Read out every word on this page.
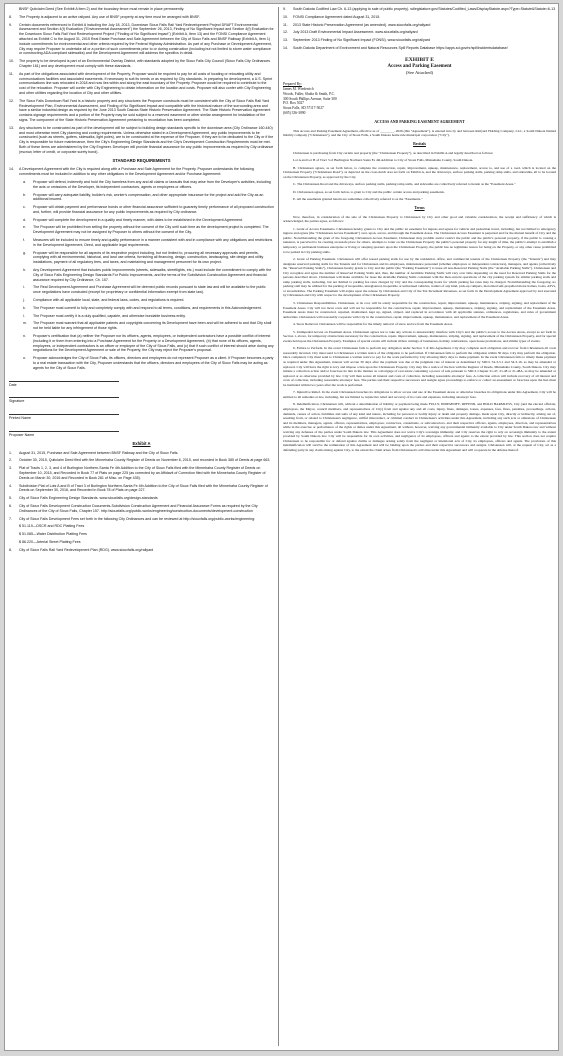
BNSF Quitclaim Deed (See Exhibit A Item 2) and the boundary fence must remain in place permanently.
8. The Property is adjacent to an active railyard. Any use of BNSF property at any time must be arranged with BNSF.
9. Certain documents referenced in Exhibit A including the July 18, 2013, Downtown Sioux Falls Rail Yard Redevelopment Project DRAFT Environmental Assessment and Section 4(f) Evaluation ("Environmental Assessment") the September 26, 2013, Finding of No Significant Impact and Section 4(f) Evaluation for the Downtown Sioux Falls Rail Yard Redevelopment Project ("Finding of No Significant Impact") (Exhibit A, Item 13) and the FONSI Compliance Agreement attached as Exhibit C to the August 31, 2015 Real Estate Purchase and Sale Agreement between the City of Sioux Falls and BNSF Railway (Exhibit A, Item 1) include commitments for environmental and other criteria required by the Federal Highway Administration. As part of any Purchase or Development Agreement, City may require Proposer to undertake all or a portion of such commitments prior to or during construction (including but not limited to storm water compliance or constructing ADA compliant sidewalks) and the Development Agreement will address the specifics in detail.
10. The property to be developed is part of an Environmental Overlay District, with standards adopted by the Sioux Falls City Council (Sioux Falls City Ordinances Chapter 161) and any development must comply with these standards.
11. As part of the obligations associated with development of the Property, Proposer would be required to pay for all costs of locating or relocating utility and communications facilities and associated easements. If necessary to suit its needs or as required by City standards. In preparing for development, a U.S. Sprint communications line was relocated in 2018 and now lies within and along the east boundary of the Property. Proposer would be required to contribute to the cost of the relocation. Proposer will confer with City Engineering to obtain information on the location and costs. Proposer will also confer with City Engineering and other utilities regarding the location of City and other utilities.
12. The Sioux Falls Downtown Rail Yard is a historic property and any structures the Proposer constructs must be consistent with the City of Sioux Falls Rail Yard Redevelopment Plan, Environmental Assessment, and Finding of No Significant Impact and compatible with the historical nature of the surrounding area and have a similar industrial design as required by the June 2013 South Dakota State Historic Preservation Agreement. The State Historic Preservation Agreement contains signage requirements and a portion of the Property may be sold subject to a reserved easement or other similar arrangement for installation of the signs. The component of the State Historic Preservation Agreement pertaining to recordation has been completed.
13. Any structures to be constructed as part of the development will be subject to building design standards specific to the downtown area (City Ordinance 160.440) and must otherwise meet City planning and zoning requirements. Unless otherwise stated in a Development Agreement, any public improvements to be constructed (such as streets, gutters, sidewalks, light poles), are to be constructed at the expense of the Proposer. If they are to be dedicated to the City or if the City is responsible for future maintenance, then the City's Engineering Design Standards and the City's Development Construction Requirements must be met. Both of these items are administered by the City Engineer. Developer will provide financial assurance for any public improvements as required by City ordinance (escrow, letter of credit, or corporate surety bond).
STANDARD REQUIREMENTS
14. A Development Agreement with the City is required along with a Purchase and Sale Agreement for the Property. Proposer understands the following commitments must be included in addition to any other obligations in the Development Agreement and/or Purchase Agreement:
a. Proposer will defend, indemnify and hold the City harmless from any and all claims or lawsuits that may arise from the Developer's activities, including the acts or omissions of the Developer, its independent contractors, agents or employees or officers.
b. Proposer will carry adequate liability, builder's risk, worker's compensation, and other appropriate insurance for the project and add the City as an additional insured.
c. Proposer will obtain payment and performance bonds or other financial assurance sufficient to guaranty timely performance of all proposed construction and, further, will provide financial assurance for any public improvements as required by City ordinance.
d. Proposer will complete the development in a quality and timely manner, with dates to be established in the Development Agreement.
e. The Proposer will be prohibited from selling the property without the consent of the City until such time as the development project is completed. The Development Agreement may not be assigned by Proposer to others without the consent of the City.
f. Measures will be included to ensure timely and quality performance in a manner consistent with and in compliance with any obligations and restrictions in the Development Agreement, Deed, and applicable legal requirements.
g. Proposer will be responsible for all aspects of its respective project including, but not limited to, procuring all necessary approvals and permits, complying with all environmental, historical, and land use criteria, furnishing all financing, design, construction, landscaping, site design and utility installations, payment of all regulatory fees, and taxes, and maintaining and management personnel for its own project.
h. Any Development Agreement that includes public improvements (streets, sidewalks, streetlights, etc.) must include the commitment to comply with the City of Sioux Falls Engineering Design Standards For Public Improvements, and the terms of the Subdivision Construction Agreement and financial assurance required by City Ordinance, Ch. 157.
i. The Real Development Agreement and Purchase Agreement will be deemed public records pursuant to state law and will be available to the public once negotiations have concluded (except for proprietary or confidential information exempt from state law).
j. Compliance with all applicable local, state, and federal laws, codes, and regulations is required.
k. The Proposer must commit to fully and completely comply with and respond to all terms, conditions, and requirements in this Acknowledgement.
l. The Proposer must certify it is a duly qualified, capable, and otherwise bondable business entity.
m. The Proposer must warrant that all applicable patents and copyrights concerning its Development have been and will be adhered to and that City shall not be held liable for any infringement of those rights.
n. Proposer's certification that (a) neither the Proposer nor its officers, agents, employees, or independent contractors have a possible conflict of interest (including it or them from entering into a Purchase Agreement for the Property or a Development Agreement, (b) that none of its officers, agents, employees, or independent contractors is an officer or employee of the City of Sioux Falls, and (c) that if such conflict of interest should arise during any negotiations for the Development Agreement or sale of the Property, the City may reject the Proposer's proposal.
o. Proposer acknowledges the City of Sioux Falls, its officers, directors and employees do not represent Proposer as a client. If Proposer becomes a party to a real estate transaction with the City, Proposer understands that the officers, directors and employees of the City of Sioux Falls may be acting as agents for the City of Sioux Falls.
Date
Signature
Printed Name
Proposer Name
Exhibit A
1. August 31, 2015, Purchase and Sale Agreement between BNSF Railway and the City of Sioux Falls.
2. October 30, 2015, Quitclaim Deed filed with the Minnehaha County Register of Deeds on November 6, 2015, and recorded in Book 385 of Deeds at page 663.
3. Plat of Tracts 1, 2, 3, and 4 of Burlington Northern-Santa Fe 4th Addition to the City of Sioux Falls filed with the Minnehaha County Register of Deeds on September 10, 2015, and Recorded in Book 77 of Plats on page 225 (as corrected by an Affidavit of Correction filed with the Minnehaha County Register of Deeds on March 30, 2016 and Recorded in Book 281 of Misc. on Page 435).
4. Subdivision Plat of Lots A and B of Tract 3 of Burlington Northern-Santa Fe 4th Addition to the City of Sioux Falls filed with the Minnehaha County Register of Deeds on September 30, 2016, and Recorded in Book 78 of Plats on page 227.
5. City of Sioux Falls Engineering Design Standards. www.siouxfalls.org/design-standards
6. City of Sioux Falls Development Construction Documents-Subdivision Construction Agreement and Financial Assurance Forms as required by the City Ordinances of the City of Sioux Falls, Chapter 157. http://siouxfalls.org/public-works/engineering/construction-documents/development-construction
7. City of Sioux Falls Development Fees set forth in the following City Ordinances and can be reviewed at http://siouxfalls.org/public-works/engineering:
$ 51.119—DSCR and RDC Platting Fees
$ 51.085—Water Distribution Platting Fees
$ 86.220—Arterial Street Platting Fees
8. City of Sioux Falls Rail Yard Redevelopment Plan (RDG). www.siouxfalls.org/railyard
9. South Dakota Codified Law Ch. 6-13 (applying to sale of public property). sdlegislature.gov/Statutes/Codified_Laws/DisplayStatute.aspx?Type=Statute&Statute=6-13
10. FONSI Compliance Agreement dated August 31, 2015.
11. 2013 State Historic Preservation Agreement (as amended). www.siouxfalls.org/railyard
12. July 2013 Draft Environmental Impact Assessment. www.siouxfalls.org/railyard
13. September 2013 Finding of No Significant Impact (FONSI). www.siouxfalls.org/railyard
14. South Dakota Department of Environment and Natural Resources Spill Reports Database https://apps.sd.gov/nr/spillincidentsdatabase/
EXHIBIT E
Access and Parking Easement
(See Attached)
Prepared By:
James M. Wiederrich
Woods, Fuller, Shultz & Smith, P.C.
300 South Phillips Avenue, Suite 300
P.O. Box 5027
Sioux Falls, SD 57117-5027
(605) 336-3890
ACCESS AND PARKING EASEMENT AGREEMENT
This Access and Parking Easement Agreement, effective as of ________, 2026 (this "Agreement"), is entered into by and between Railyard Holding Company, LLC, a South Dakota limited liability company ("Christensen"), and the City of Sioux Falls, a South Dakota home rule municipal corporation ("City").
Recitals
Christensen is purchasing from City certain real property (the "Christensen Property"), as described in Exhibit A and legally described as follows:
Lot A and Lot B of Tract 3 of Burlington Northern Santa Fe 4th Addition to City of Sioux Falls, Minnehaha County, South Dakota.
B. Christensen agrees, as set forth below, to complete the construction, repair, improvement, upkeep, maintenance, replacement, access to, and use of a road, which is located on the Christensen Property ("Christensen Road"), as depicted on the cross-hatch area set forth on Exhibit A, and the driveways, surface parking stalls, parking ramp stalls, and sidewalks, all to be located on the Christensen Property, as approved by the City.
C. The Christensen Road and the driveways, surface parking stalls, parking ramp stalls, and sidewalks are collectively referred to herein as the "Easement Areas."
D. Christensen agrees, as set forth below, to grant to City and the public certain access and parking easements.
E. All the easements granted herein are sometimes collectively referred to as the "Easements."
Terms
Now, therefore, in consideration of the sale of the Christensen Property to Christensen by City and other good and valuable consideration, the receipt and sufficiency of which is acknowledged, the parties agree, as follows:
1. Grant of Access Easements. Christensen hereby grants to City and the public an easement for ingress and egress for vehicle and pedestrian travel, including, but not limited to emergency ingress and egress (the "Christensen Access Easement") over, upon, across, and through the Easement Areas. The Christensen Access Easement is perpetual and for the mutual benefit of City and the public. Notwithstanding the grant of the foregoing Christensen Access Easement, Christensen may prohibit and/or restrict the public and the public's personal property, if the public is causing a nuisance, is perceived to be creating an unsafe place for others, attempts to loiter on the Christensen Property the public's personal property for any length of time, the public's attempt to establish a temporary or permanent business enterprise or living or sleeping quarters upon the Christensen Property, the public has no legitimate reason for being on the Property, or any other cause prohibited to be parked in City parking stalls.
2. Grant of Parking Easement. Christensen will offer leased parking stalls for use by the residential, office, and commercial tenants of the Christensen Property (the "Tenants") and may designate reserved parking stalls for the Tenants and for Christensen and its employees, maintenance personnel (whether employees or independent contractors), managers, and agents (collectively the "Reserved Parking Stalls"). Christensen hereby grants to City and the public (the "Parking Easement") to lease all non-Reserved Parking Stalls (the "Available Parking Stalls"). Christensen and City recognize and agree the number of Reserved Parking Stalls and, thus, the number of Available Parking Stalls will vary over time depending on the need for Reserved Parking Stalls for the persons described above. Christensen will make available for lease the Available Parking Stalls consistent with the then-current operations of the city parking system for similar parking stalls and ramp parking stalls, including, but not limited to parking fee rates charged by City and the corresponding hours for which parking fee rates may be charged. Notwithstanding the foregoing, no parking stall may be utilized for the parking of inoperable, unregistered, inoperable or unlicensed vehicles, trailers of any kind, pick-up campers, motorized self-propelled motor homes, boats, ATVs, or snowmobiles. The Parking Easement will expire upon the release by Christensen and City of the Tax Increment Revenues, as set forth in the Development Agreement approved by and executed by Christensen and City with respect to the development of the Christensen Property.
3. Christensen Responsibilities. Christensen, at its cost, will be solely responsible for the construction, repair, improvement, upkeep, maintenance, striping, signing, and replacement of the Easement Areas. City will not incur costs and will not be responsible for the construction, repair, improvement, upkeep, maintenance, striping, signing, and replacement of the Easement Areas. Easement Areas must be constructed, repaired, maintained, kept up, signed, striped, and replaced in accordance with all applicable statutes, ordinances, regulations, and rules of government authorities. Christensen will reasonably cooperate with City in the construction, repair, improvement, upkeep, maintenance, and replacement of the Easement Areas.
4. Snow Removal. Christensen will be responsible for the timely removal of snow and ice from the Easement Areas.
5. Unimpeded Access on Easement Areas. Christensen agrees not to take any actions to unreasonably interfere with City's and the public's access to the Access Areas, except as set forth in Section 1, above, for temporary obstructions necessary for the construction, repair, improvement, upkeep, maintenance, striping, signing, and replacement of the Christensen Property, and for special events held upon the Christensen Property. Examples of special events will include ribbon cuttings of businesses, holiday celebrations, open house promotions, and similar types of events.
6. Failure to Perform. In the event Christensen fails to perform any obligation under Section 3 of this Agreement, City may complete such obligation and recover from Christensen all costs reasonably incurred. City must send to Christensen a written notice of the obligation to be performed. If Christensen fails to perform the obligation within 30 days, City may perform the obligation. Once completed, City must send to Christensen a written notice to pay for the work performed by City allowing thirty days to make payment. In the event Christensen fails to timely make payment as required under this Agreement, interest will accrue 30 days after the payment was due at the judgment rate of interest as determined by SDCL 54-3-5.1 and 54-3-16, as may be amended or replaced. City will have the right to levy and impose a lien upon the Christensen Property. City may file a notice of the lien with the Register of Deeds, Minnehaha County, South Dakota. City may initiate a collection action and/or foreclose its lien in the manner as a mortgage of real estate containing a power of sale pursuant to SDCL Chapter 21-47, 21-48 or 21-48A, as may be amended or replaced or as otherwise provided by law. City will then secure all interest and costs of collection, including reasonable attorneys' fees. A collection action will include recovery of all interest and costs of collection, including reasonable attorneys' fees. The parties and their respective successors and assigns agree proceedings to enforce or collect an assessment or foreclose upon the lien must be instituted within two years after the work is performed.
7. Injunctive Relief. In the event Christensen breaches its obligations to allow access and use of the Easement Areas or otherwise breaches its obligations under this Agreement, City will be entitled to all remedies at law, including, but not limited to, injunctive relief and recovery of its costs and expenses, including attorneys' fees.
8. Indemnification. Christensen will, without a determination of liability or payment being made FULLY, INDEMNIFY, DEFEND, and HOLD HARMLESS, City (and the elected officials, employees, the Mayor, council members, and representatives of City) from and against any and all costs, injury, fines, damages, losses, expenses, fees, fines, penalties, proceedings, actions, demands, causes of action, liabilities and suits of any kind and nature, including for personal or bodily injury or death and property damage, made upon City, directly or indirectly, arising out of, resulting from, or related to Christensen's negligence, willful misconduct, or criminal conduct in Christensen's activities under this Agreement, including any such acts or omissions of Christensen and its members, managers, agents, officers, representatives, employees, contractors, consultants, or subcontractors, and their respective officers, agents, employees, directors, and representatives while in the exercise or performance of the rights or duties under this Agreement, all without, however, waiving any governmental immunity available to City under South Dakota law and without waiving any defenses of the parties under South Dakota law. This Agreement does not waive City's sovereign immunity, and City reserves the right to rely on sovereign immunity to the extent provided by South Dakota law. City will be responsible for its own activities, and negligence of its employees, officers and agents to the extent provided by law. This section does not require Christensen to be responsible for or defend against claims or damages arising solely from the negligent or intentional acts of City, its employees, officers and agents. The provisions of this indemnification will survive the termination of this Agreement and will be binding upon the parties and their respective successors and assigns. Christensen will, at the request of City, act as a defending party in any claim arising against City, to the extent the claim arises from Christensen's activities under this Agreement and will cooperate in the defense thereof.
